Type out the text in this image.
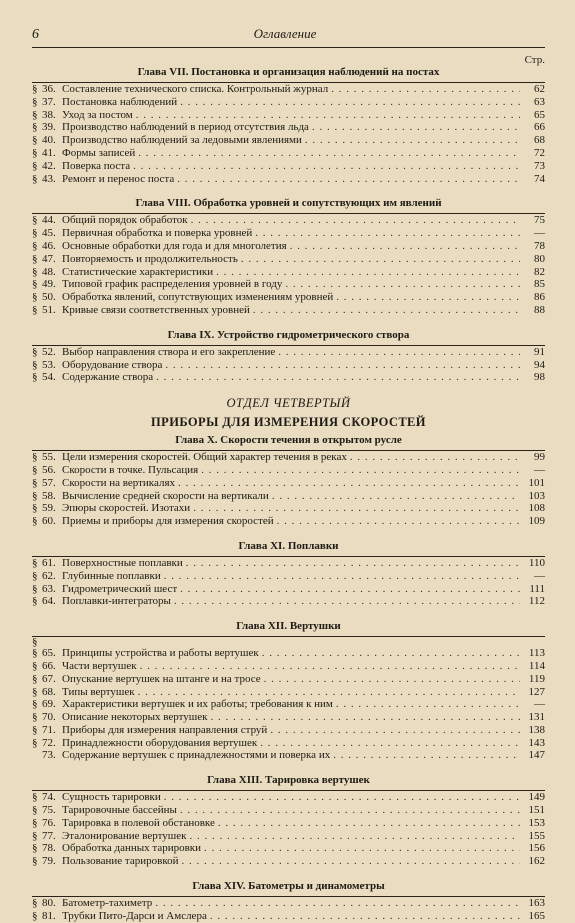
6	Оглавление
Стр.
Глава VII. Постановка и организация наблюдений на постах
§ 36. Составление технического списка. Контрольный журнал . . .	62
§ 37. Постановка наблюдений . . .	63
§ 38. Уход за постом . . .	65
§ 39. Производство наблюдений в период отсутствия льда . . .	66
§ 40. Производство наблюдений за ледовыми явлениями . . .	68
§ 41. Формы записей . . .	72
§ 42. Поверка поста . . .	73
§ 43. Ремонт и перенос поста . . .	74
Глава VIII. Обработка уровней и сопутствующих им явлений
§ 44. Общий порядок обработок . . .	75
§ 45. Первичная обработка и поверка уровней . . .	—
§ 46. Основные обработки для года и для многолетия . . .	78
§ 47. Повторяемость и продолжительность . . .	80
§ 48. Статистические характеристики . . .	82
§ 49. Типовой график распределения уровней в году . . .	85
§ 50. Обработка явлений, сопутствующих изменениям уровней . . .	86
§ 51. Кривые связи соответственных уровней . . .	88
Глава IX. Устройство гидрометрического створа
§ 52. Выбор направления створа и его закрепление . . .	91
§ 53. Оборудование створа . . .	94
§ 54. Содержание створа . . .	98
ОТДЕЛ ЧЕТВЕРТЫЙ
ПРИБОРЫ ДЛЯ ИЗМЕРЕНИЯ СКОРОСТЕЙ
Глава X. Скорости течения в открытом русле
§ 55. Цели измерения скоростей. Общий характер течения в реках . . .	99
§ 56. Скорости в точке. Пульсация . . .	—
§ 57. Скорости на вертикалях . . .	101
§ 58. Вычисление средней скорости на вертикали . . .	103
§ 59. Эпюры скоростей. Изотахи . . .	108
§ 60. Приемы и приборы для измерения скоростей . . .	109
Глава XI. Поплавки
§ 61. Поверхностные поплавки . . .	110
§ 62. Глубинные поплавки . . .	—
§ 63. Гидрометрический шест . . .	111
§ 64. Поплавки-интеграторы . . .	112
Глава XII. Вертушки
§
§ 65. Принципы устройства и работы вертушек . . .	113
§ 66. Части вертушек . . .	114
§ 67. Опускание вертушек на штанге и на тросе . . .	119
§ 68. Типы вертушек . . .	127
§ 69. Характеристики вертушек и их работы; требования к ним . . .	—
§ 70. Описание некоторых вертушек . . .	131
§ 71. Приборы для измерения направления струй . . .	138
§ 72. Принадлежности оборудования вертушек . . .	143
73. Содержание вертушек с принадлежностями и поверка их . . .	147
Глава XIII. Тарировка вертушек
§ 74. Сущность тарировки . . .	149
§ 75. Тарировочные бассейны . . .	151
§ 76. Тарировка в полевой обстановке . . .	153
§ 77. Эталонирование вертушек . . .	155
§ 78. Обработка данных тарировки . . .	156
§ 79. Пользование тарировкой . . .	162
Глава XIV. Батометры и динамометры
§ 80. Батометр-тахиметр . . .	163
§ 81. Трубки Пито-Дарси и Амслера . . .	165
